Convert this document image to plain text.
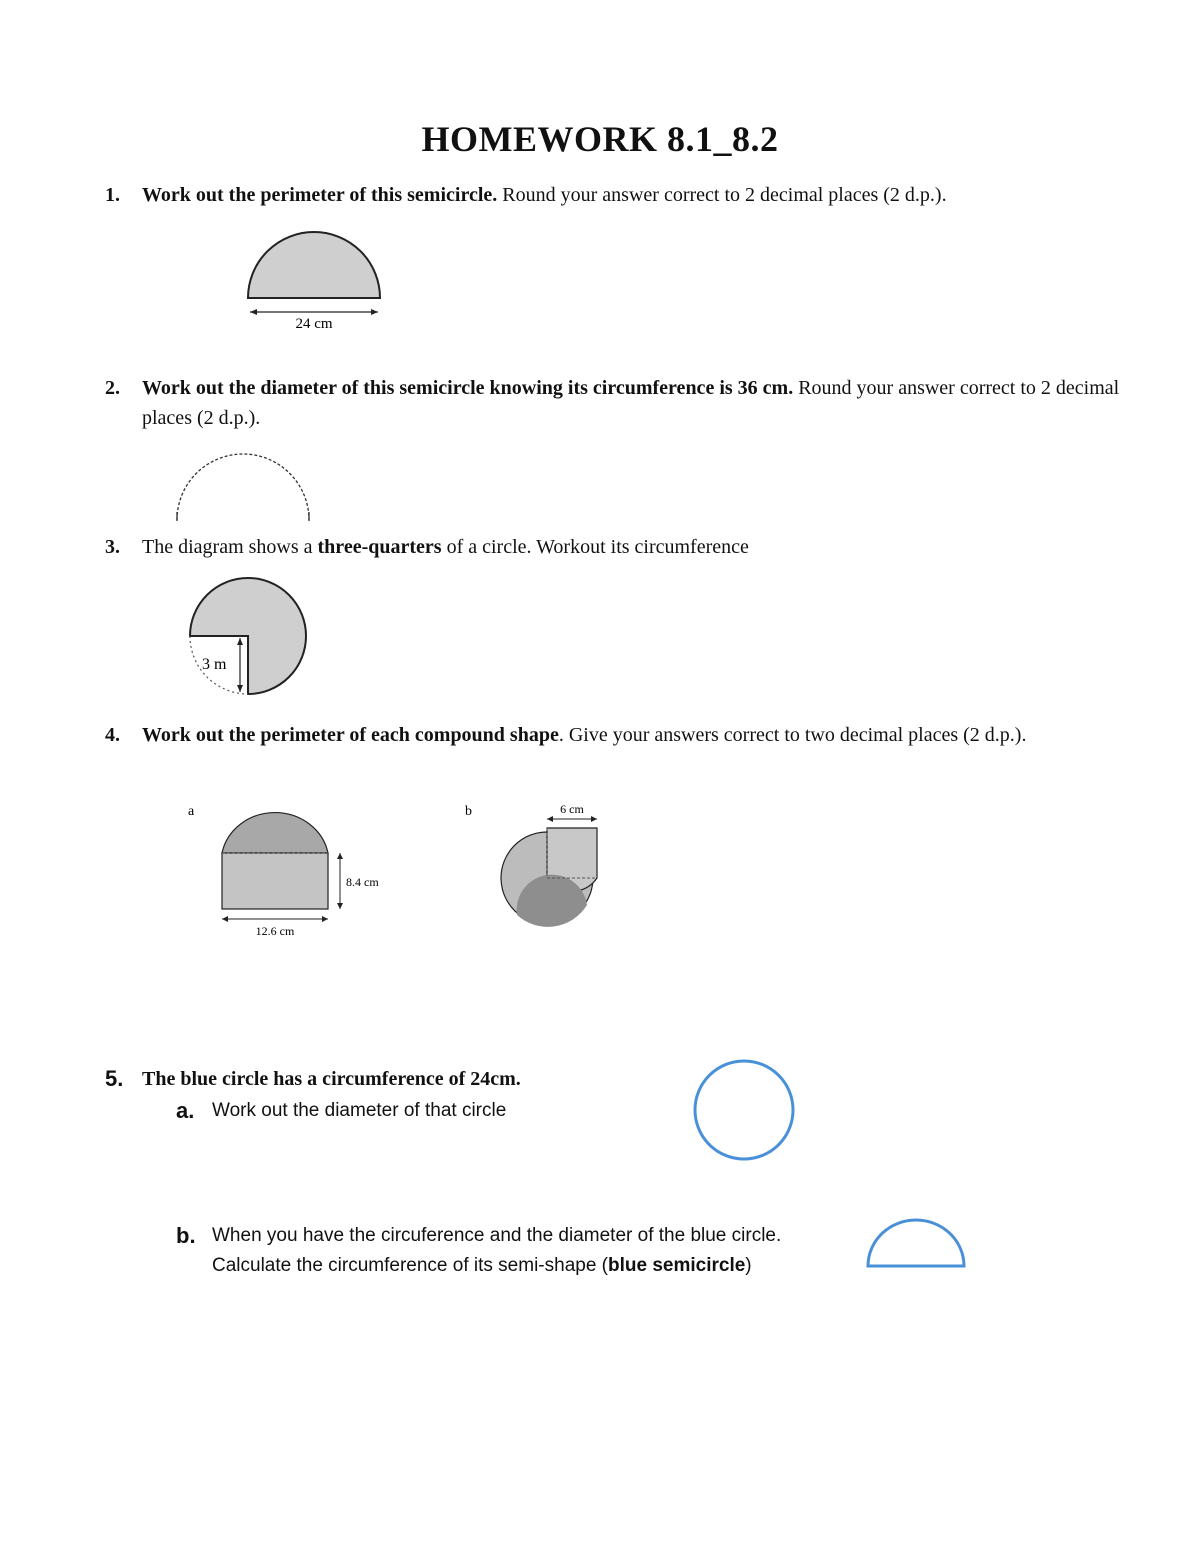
HOMEWORK 8.1_8.2
1. Work out the perimeter of this semicircle. Round your answer correct to 2 decimal places (2 d.p.).
24 cm
2. Work out the diameter of this semicircle knowing its circumference is 36 cm. Round your answer correct to 2 decimal places (2 d.p.).
3. The diagram shows a three-quarters of a circle. Workout its circumference
3 m
4. Work out the perimeter of each compound shape. Give your answers correct to two decimal places (2 d.p.).
a
8.4 cm
12.6 cm
b	6 cm
5. The blue circle has a circumference of 24cm.
a. Work out the diameter of that circle
b. When you have the circuference and the diameter of the blue circle.
Calculate the circumference of its semi-shape (blue semicircle)
